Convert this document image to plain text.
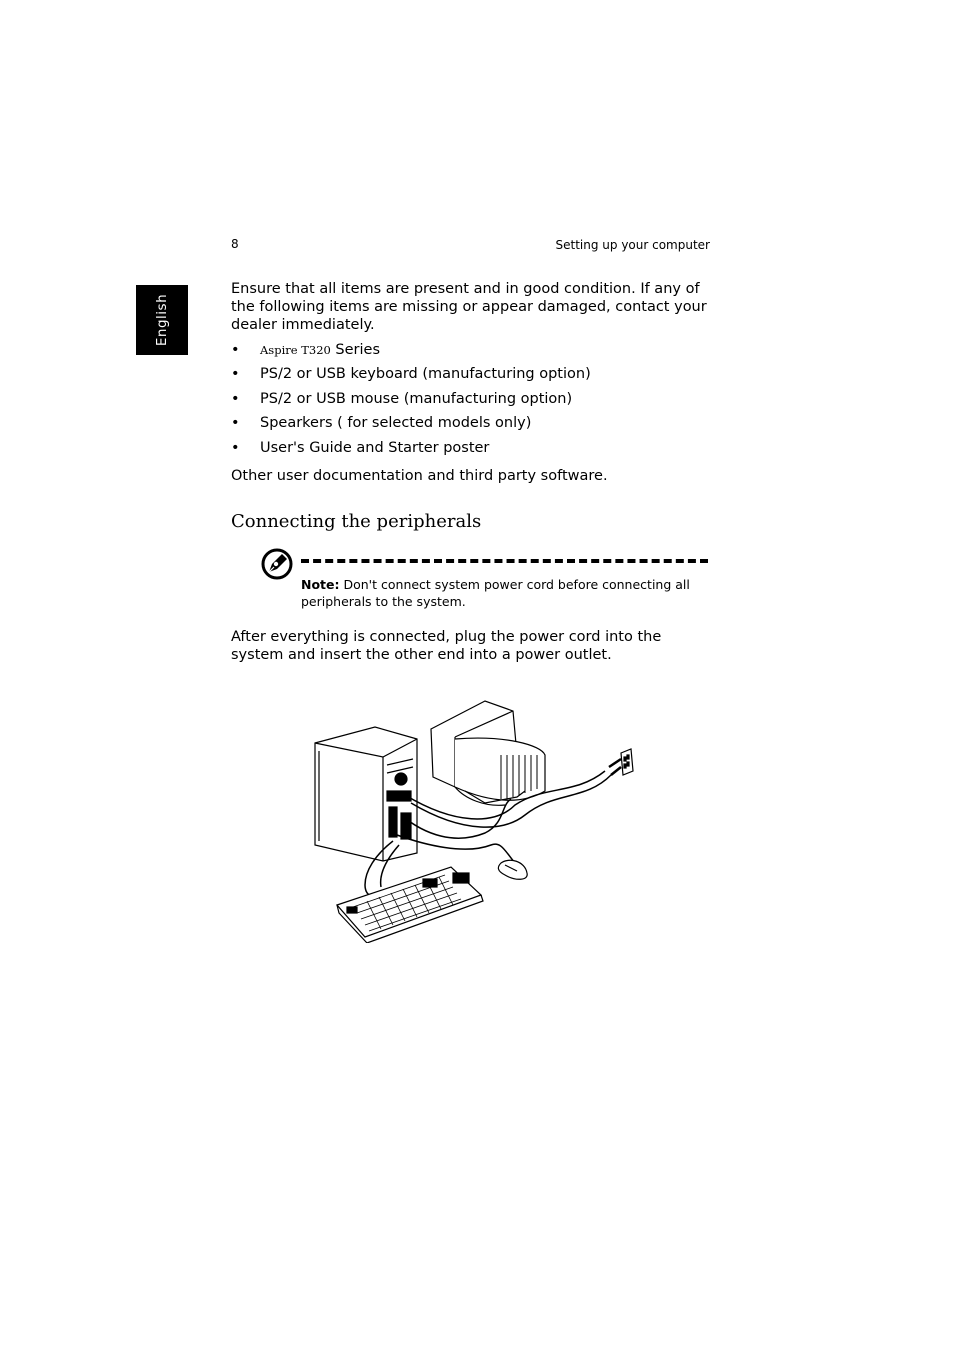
8	Setting up your computer
English

Ensure that all items are present and in good condition. If any of the following items are missing or appear damaged, contact your dealer immediately.

• Aspire T320 Series
• PS/2 or USB keyboard (manufacturing option)
• PS/2 or USB mouse (manufacturing option)
• Spearkers ( for selected models only)
• User's Guide and Starter poster

Other user documentation and third party software.

Connecting the peripherals

Note: Don't connect system power cord before connecting all peripherals to the system.

After everything is connected, plug the power cord into the system and insert the other end into a power outlet.
